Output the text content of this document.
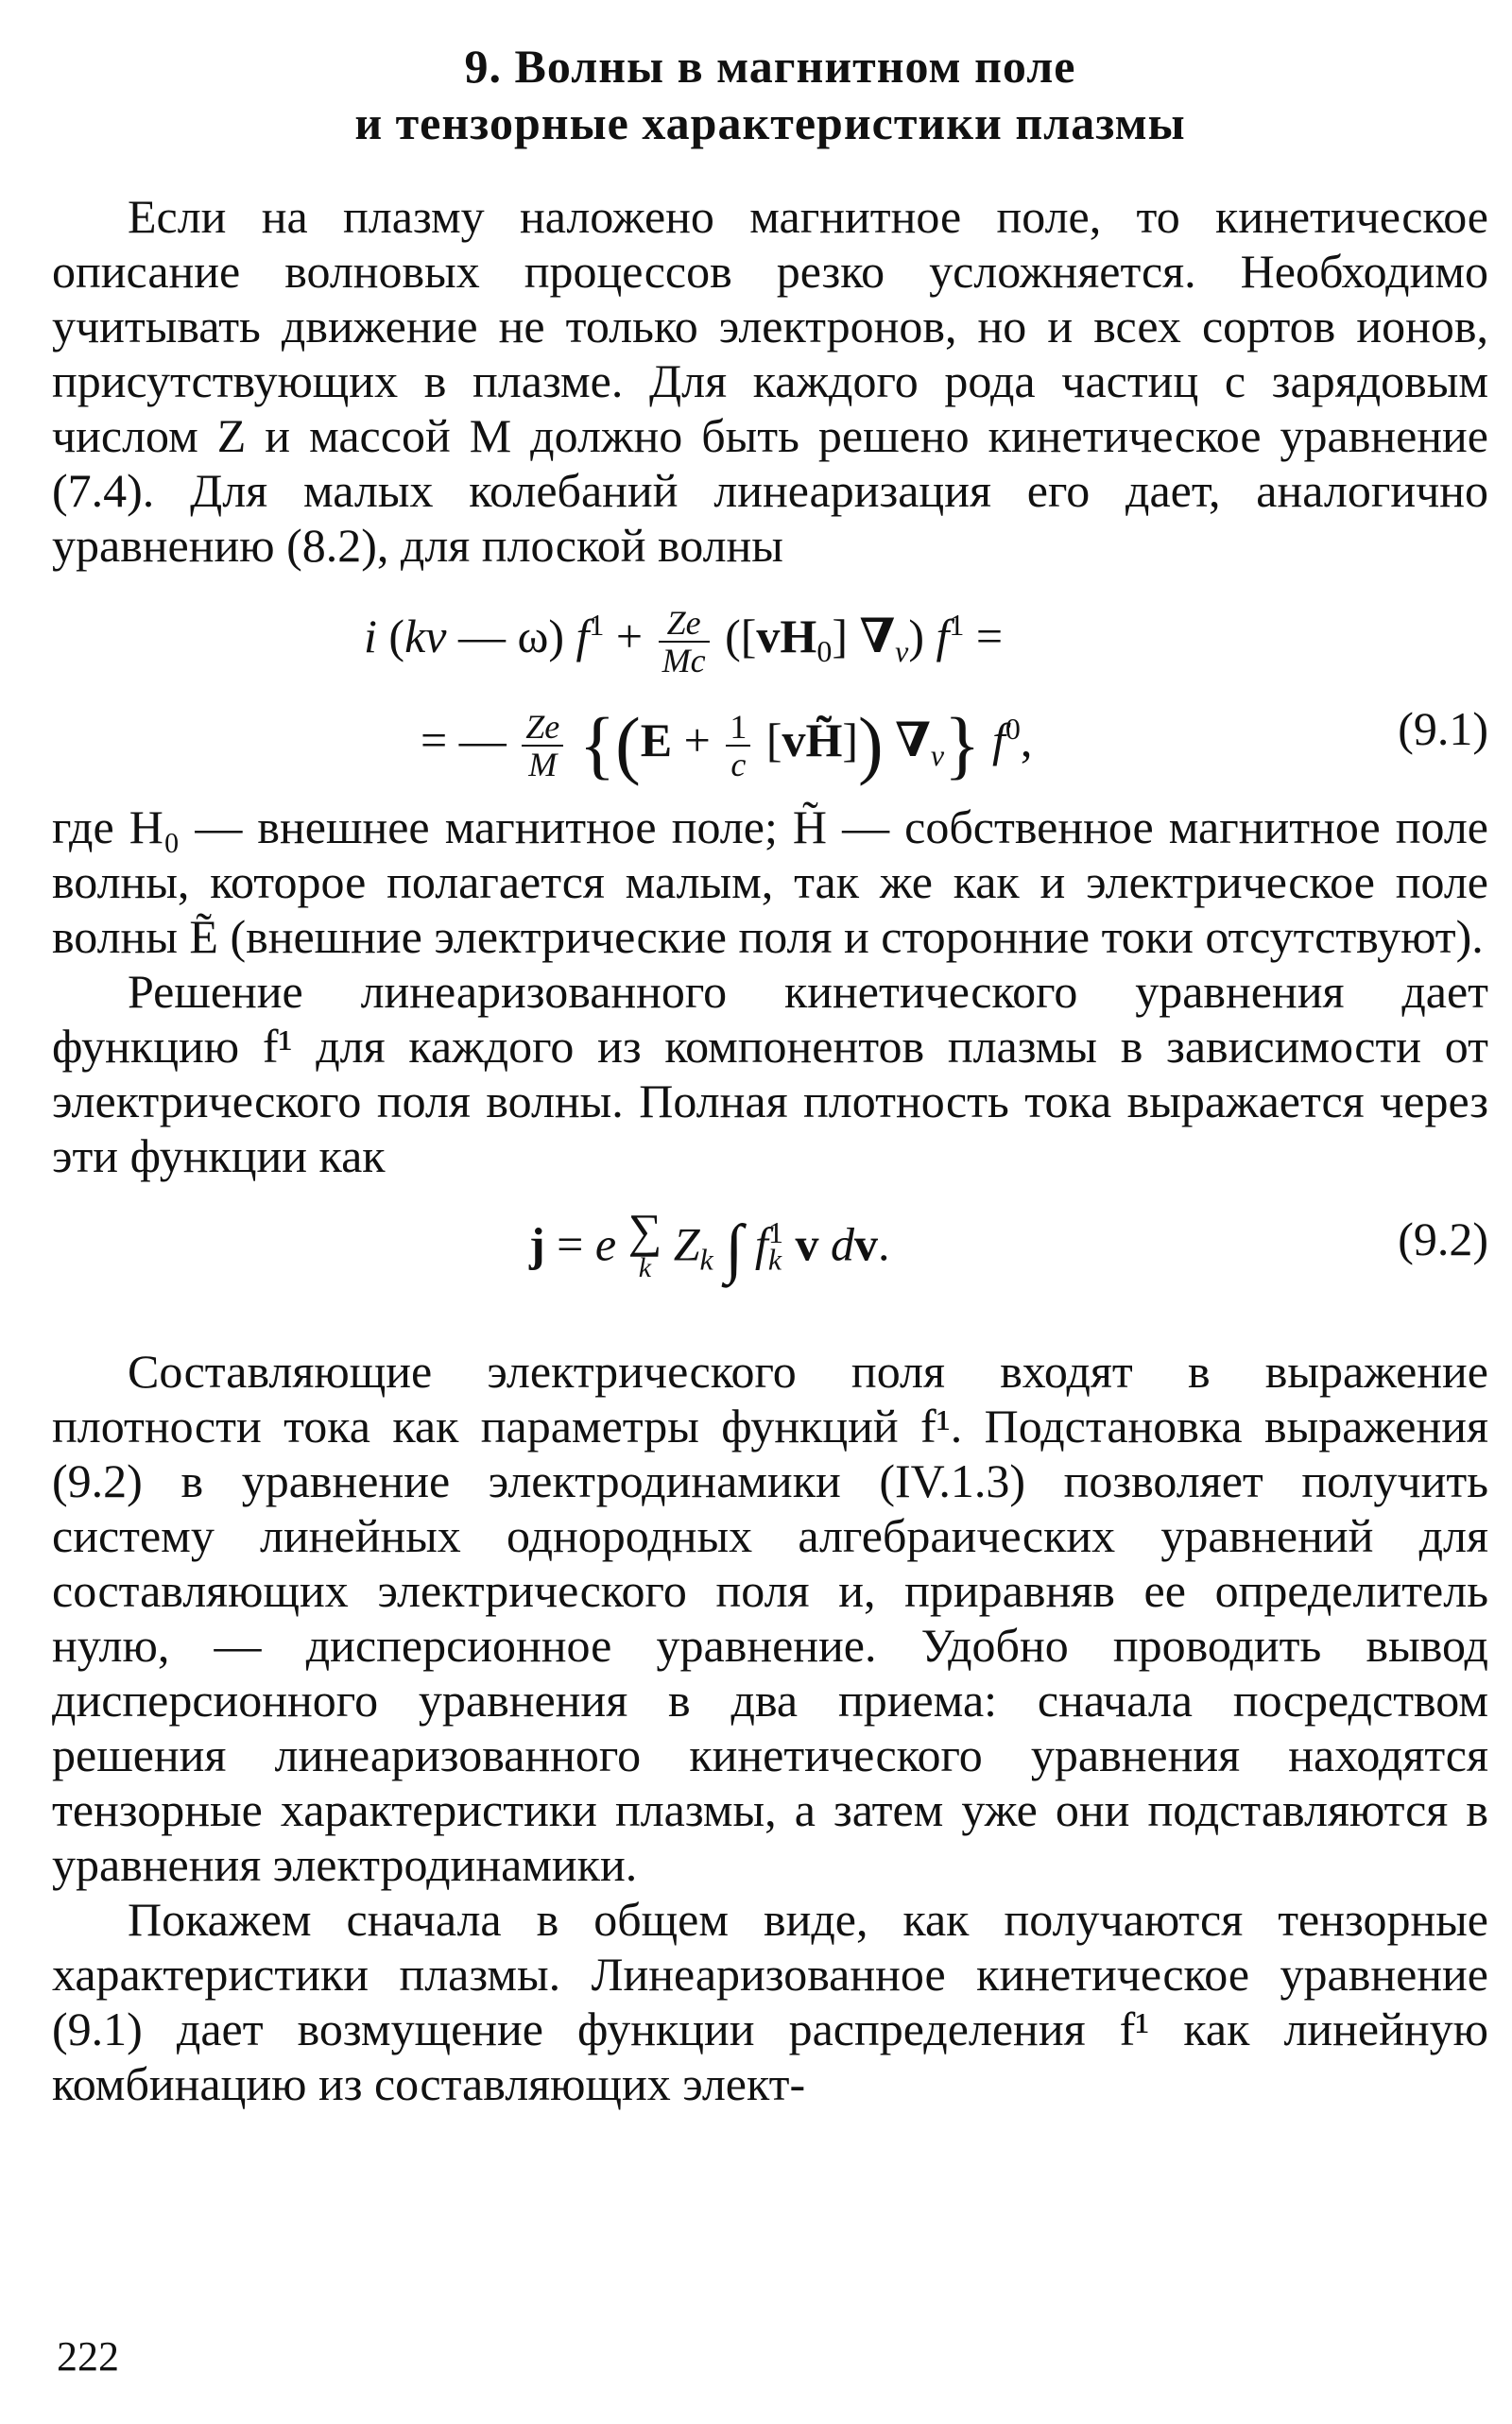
9. Волны в магнитном поле
и тензорные характеристики плазмы

Если на плазму наложено магнитное поле, то кинетическое описание волновых процессов резко усложняется. Необходимо учитывать движение не только электронов, но и всех сортов ионов, присутствующих в плазме. Для каждого рода частиц с зарядовым числом Z и массой M должно быть решено кинетическое уравнение (7.4). Для малых колебаний линеаризация его дает, аналогично уравнению (8.2), для плоской волны

i (kv — ω) $f^1 + \frac{Ze}{Mc} ([vH_0]$ $\nabla_v$) $f^1$ =
= — $\frac{Ze}{M} \{(E + \frac{1}{c}$ [vH̃]) $\nabla_v$} $f^0$,	(9.1)

где H₀ — внешнее магнитное поле; H̃ — собственное магнитное поле волны, которое полагается малым, так же как и электрическое поле волны Ẽ (внешние электрические поля и сторонние токи отсутствуют).

Решение линеаризованного кинетического уравнения дает функцию f¹ для каждого из компонентов плазмы в зависимости от электрического поля волны. Полная плотность тока выражается через эти функции как

j = e ∑
k $Z_k$ ∫ $f_k^1$ v dv.	(9.2)

Составляющие электрического поля входят в выражение плотности тока как параметры функций f¹. Подстановка выражения (9.2) в уравнение электродинамики (IV.1.3) позволяет получить систему линейных однородных алгебраических уравнений для составляющих электрического поля и, приравняв ее определитель нулю, — дисперсионное уравнение. Удобно проводить вывод дисперсионного уравнения в два приема: сначала посредством решения линеаризованного кинетического уравнения находятся тензорные характеристики плазмы, а затем уже они подставляются в уравнения электродинамики.

Покажем сначала в общем виде, как получаются тензорные характеристики плазмы. Линеаризованное кинетическое уравнение (9.1) дает возмущение функции распределения f¹ как линейную комбинацию из составляющих элект-

222
